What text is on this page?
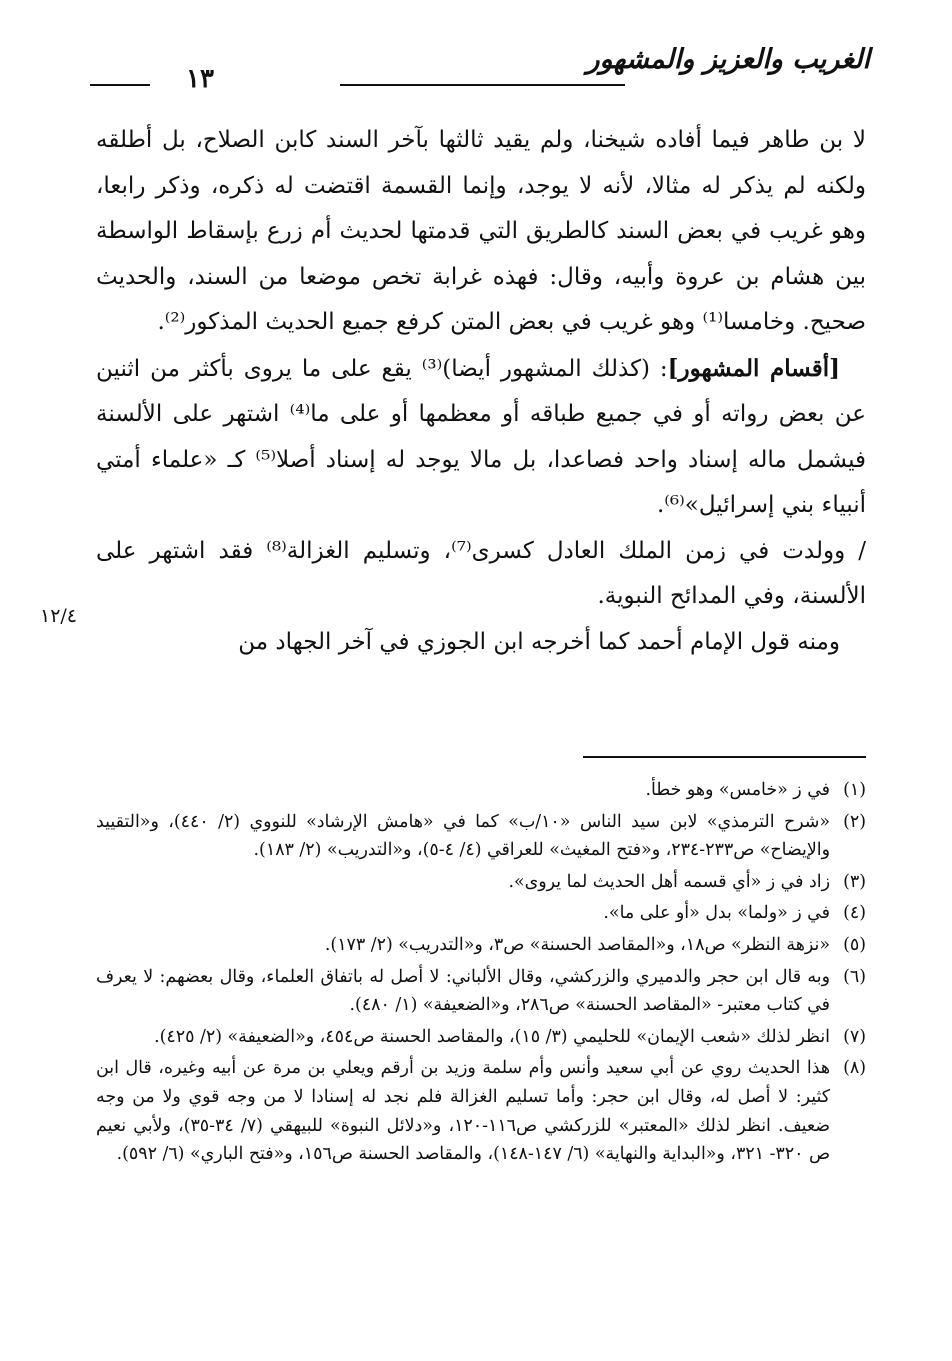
الغريب والعزيز والمشهور
١٣

لا بن طاهر فيما أفاده شيخنا، ولم يقيد ثالثها بآخر السند كابن الصلاح، بل أطلقه ولكنه لم يذكر له مثالا، لأنه لا يوجد، وإنما القسمة اقتضت له ذكره، وذكر رابعا، وهو غريب في بعض السند كالطريق التي قدمتها لحديث أم زرع بإسقاط الواسطة بين هشام بن عروة وأبيه، وقال: فهذه غرابة تخص موضعا من السند، والحديث صحيح. وخامسا⁽¹⁾ وهو غريب في بعض المتن كرفع جميع الحديث المذكور⁽²⁾.

[أقسام المشهور]: (كذلك المشهور أيضا)⁽³⁾ يقع على ما يروى بأكثر من اثنين عن بعض رواته أو في جميع طباقه أو معظمها أو على ما⁽⁴⁾ اشتهر على الألسنة فيشمل ماله إسناد واحد فصاعدا، بل مالا يوجد له إسناد أصلا⁽⁵⁾ كـ «علماء أمتي أنبياء بني إسرائيل»⁽⁶⁾.

/ وولدت في زمن الملك العادل كسرى⁽⁷⁾، وتسليم الغزالة⁽⁸⁾ فقد اشتهر على الألسنة، وفي المدائح النبوية.

ومنه قول الإمام أحمد كما أخرجه ابن الجوزي في آخر الجهاد من

١٢/٤
(١)
في ز «خامس» وهو خطأ.
(٢)
«شرح الترمذي» لابن سيد الناس «١٠/ب» كما في «هامش الإرشاد» للنووي (٢/ ٤٤٠)، و«التقييد والإيضاح» ص٢٣٣-٢٣٤، و«فتح المغيث» للعراقي (٤/ ٤-٥)، و«التدريب» (٢/ ١٨٣).
(٣)
زاد في ز «أي قسمه أهل الحديث لما يروى».
(٤)
في ز «ولما» بدل «أو على ما».
(٥)
«نزهة النظر» ص١٨، و«المقاصد الحسنة» ص٣، و«التدريب» (٢/ ١٧٣).
(٦)
وبه قال ابن حجر والدميري والزركشي، وقال الألباني: لا أصل له باتفاق العلماء، وقال بعضهم: لا يعرف في كتاب معتبر- «المقاصد الحسنة» ص٢٨٦، و«الضعيفة» (١/ ٤٨٠).
(٧)
انظر لذلك «شعب الإيمان» للحليمي (٣/ ١٥)، والمقاصد الحسنة ص٤٥٤، و«الضعيفة» (٢/ ٤٢٥).
(٨)
هذا الحديث روي عن أبي سعيد وأنس وأم سلمة وزيد بن أرقم ويعلي بن مرة عن أبيه وغيره، قال ابن كثير: لا أصل له، وقال ابن حجر: وأما تسليم الغزالة فلم نجد له إسنادا لا من وجه قوي ولا من وجه ضعيف. انظر لذلك «المعتبر» للزركشي ص١١٦-١٢٠، و«دلائل النبوة» للبيهقي (٧/ ٣٤-٣٥)، ولأبي نعيم ص ٣٢٠- ٣٢١، و«البداية والنهاية» (٦/ ١٤٧-١٤٨)، والمقاصد الحسنة ص١٥٦، و«فتح الباري» (٦/ ٥٩٢).
